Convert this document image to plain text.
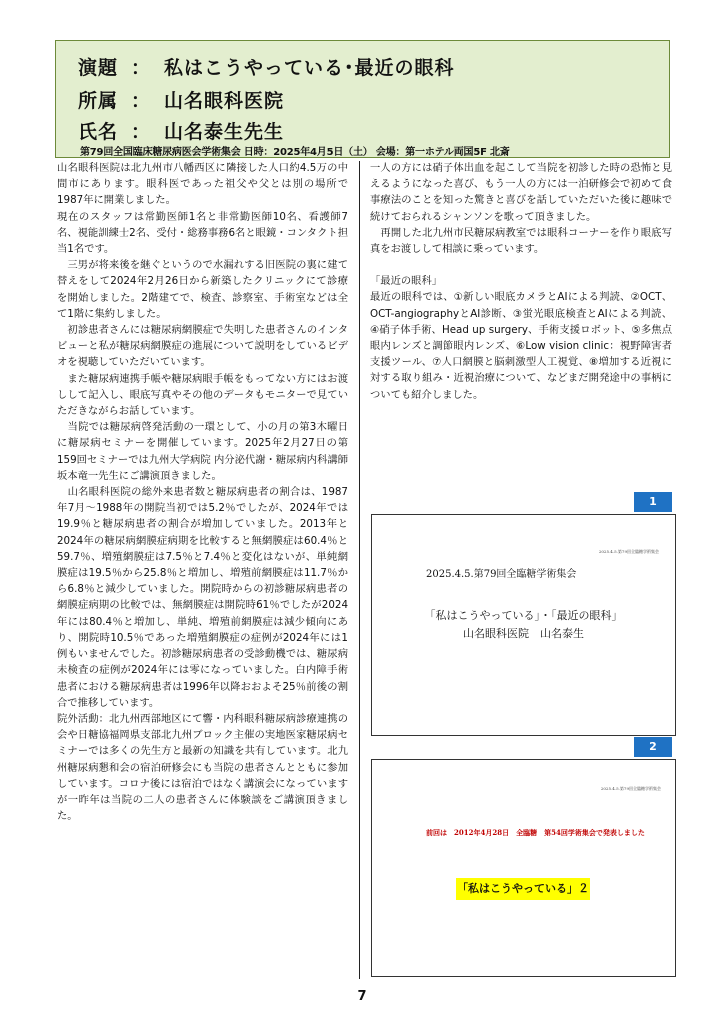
演題 ： 私はこうやっている･最近の眼科
所属 ： 山名眼科医院
氏名 ： 山名泰生先生
第79回全国臨床糖尿病医会学術集会 日時：2025年4月5日（土） 会場：第一ホテル両国5F 北斎

山名眼科医院は北九州市八幡西区に隣接した人口約4.5万の中間市にあります。眼科医であった祖父や父とは別の場所で1987年に開業しました。

現在のスタッフは常勤医師1名と非常勤医師10名、看護師7名、視能訓練士2名、受付・総務事務6名と眼鏡・コンタクト担当1名です。

　三男が将来後を継ぐというので水漏れする旧医院の裏に建て替えをして2024年2月26日から新築したクリニックにて診療を開始しました。2階建てで、検査、診察室、手術室などは全て1階に集約しました。

　初診患者さんには糖尿病網膜症で失明した患者さんのインタビューと私が糖尿病網膜症の進展について説明をしているビデオを視聴していただいています。

　また糖尿病連携手帳や糖尿病眼手帳をもってない方にはお渡しして記入し、眼底写真やその他のデータもモニターで見ていただきながらお話しています。

　当院では糖尿病啓発活動の一環として、小の月の第3木曜日に糖尿病セミナーを開催しています。2025年2月27日の第159回セミナーでは九州大学病院 内分泌代謝・糖尿病内科講師坂本竜一先生にご講演頂きました。

　山名眼科医院の総外来患者数と糖尿病患者の割合は、1987年7月～1988年の開院当初では5.2％でしたが、2024年では19.9％と糖尿病患者の割合が増加していました。2013年と2024年の糖尿病網膜症病期を比較すると無網膜症は60.4％と59.7％、増殖網膜症は7.5％と7.4％と変化はないが、単純網膜症は19.5％から25.8％と増加し、増殖前網膜症は11.7％から6.8％と減少していました。開院時からの初診糖尿病患者の網膜症病期の比較では、無網膜症は開院時61％でしたが2024年には80.4％と増加し、単純、増殖前網膜症は減少傾向にあり、開院時10.5％であった増殖網膜症の症例が2024年には1例もいませんでした。初診糖尿病患者の受診動機では、糖尿病未検査の症例が2024年には零になっていました。白内障手術患者における糖尿病患者は1996年以降おおよそ25％前後の割合で推移しています。

院外活動：北九州西部地区にて響・内科眼科糖尿病診療連携の会や日糖協福岡県支部北九州ブロック主催の実地医家糖尿病セミナーでは多くの先生方と最新の知識を共有しています。北九州糖尿病懇和会の宿泊研修会にも当院の患者さんとともに参加しています。コロナ後には宿泊ではなく講演会になっていますが一昨年は当院の二人の患者さんに体験談をご講演頂きました。

一人の方には硝子体出血を起こして当院を初診した時の恐怖と見えるようになった喜び、もう一人の方には一泊研修会で初めて食事療法のことを知った驚きと喜びを話していただいた後に趣味で続けておられるシャンソンを歌って頂きました。

　再開した北九州市民糖尿病教室では眼科コーナーを作り眼底写真をお渡しして相談に乗っています。

「最近の眼科」

最近の眼科では、①新しい眼底カメラとAIによる判読、②OCT、OCT-angiographyとAI診断、③蛍光眼底検査とAIによる判読、④硝子体手術、Head up surgery、手術支援ロボット、⑤多焦点眼内レンズと調節眼内レンズ、⑥Low vision clinic：視野障害者支援ツール、⑦人口網膜と脳刺激型人工視覚、⑧増加する近視に対する取り組み・近視治療について、などまだ開発途中の事柄についても紹介しました。

1
2025.4.5.第79回全臨糖学術集会
2025.4.5.第79回全臨糖学術集会
「私はこうやっている」・「最近の眼科」
山名眼科医院　山名泰生
2
2025.4.5.第79回全臨糖学術集会
前回は　2012年4月28日　全臨糖　第54回学術集会で発表しました
「私はこうやっている」２
7
